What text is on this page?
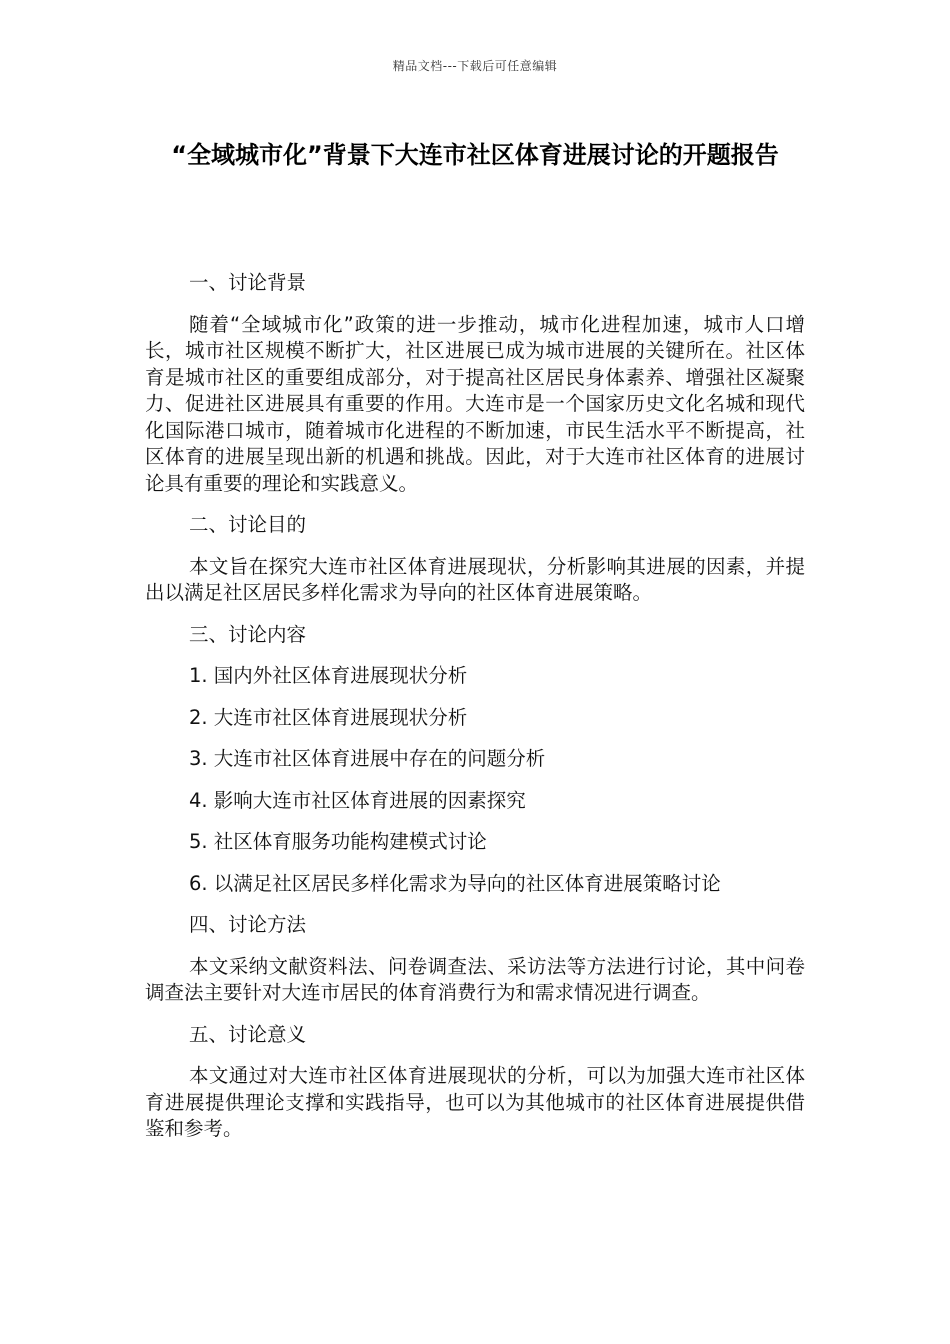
精品文档---下载后可任意编辑
“全域城市化”背景下大连市社区体育进展讨论的开题报告
一、讨论背景
随着“全域城市化”政策的进一步推动，城市化进程加速，城市人口增长，城市社区规模不断扩大，社区进展已成为城市进展的关键所在。社区体育是城市社区的重要组成部分，对于提高社区居民身体素养、增强社区凝聚力、促进社区进展具有重要的作用。大连市是一个国家历史文化名城和现代化国际港口城市，随着城市化进程的不断加速，市民生活水平不断提高，社区体育的进展呈现出新的机遇和挑战。因此，对于大连市社区体育的进展讨论具有重要的理论和实践意义。
二、讨论目的
本文旨在探究大连市社区体育进展现状，分析影响其进展的因素，并提出以满足社区居民多样化需求为导向的社区体育进展策略。
三、讨论内容
1. 国内外社区体育进展现状分析
2. 大连市社区体育进展现状分析
3. 大连市社区体育进展中存在的问题分析
4. 影响大连市社区体育进展的因素探究
5. 社区体育服务功能构建模式讨论
6. 以满足社区居民多样化需求为导向的社区体育进展策略讨论
四、讨论方法
本文采纳文献资料法、问卷调查法、采访法等方法进行讨论，其中问卷调查法主要针对大连市居民的体育消费行为和需求情况进行调查。
五、讨论意义
本文通过对大连市社区体育进展现状的分析，可以为加强大连市社区体育进展提供理论支撑和实践指导，也可以为其他城市的社区体育进展提供借鉴和参考。
